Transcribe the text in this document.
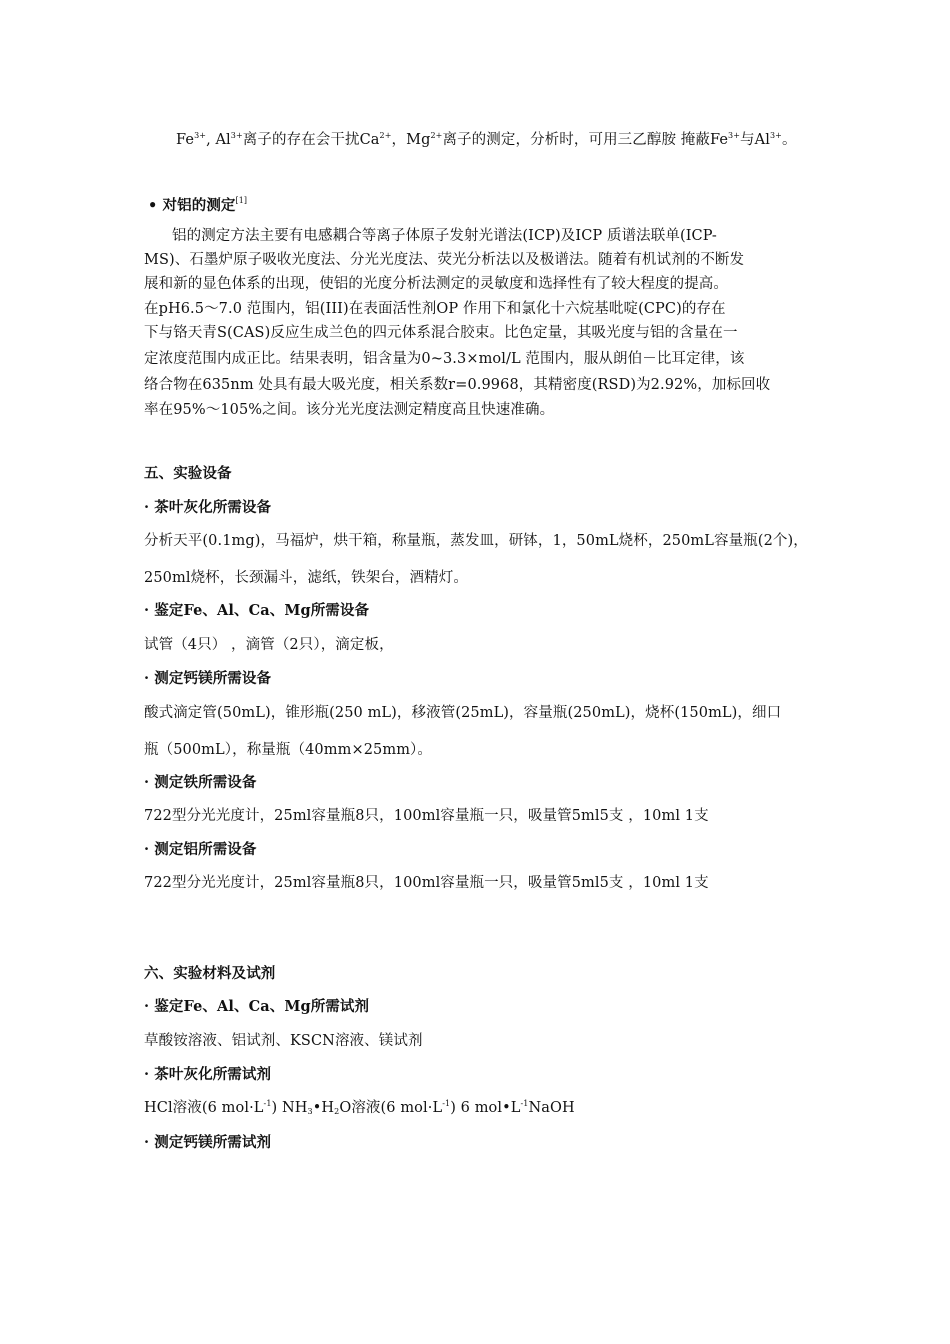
$Fe^{3+}$, $Al^{3+}$离子的存在会干扰$Ca^{2+}$，$Mg^{2+}$离子的测定，分析时，可用三乙醇胺 掩蔽$Fe^{3+}$与$Al^{3+}$。
• 对铝的测定[1]
铝的测定方法主要有电感耦合等离子体原子发射光谱法(ICP)及ICP 质谱法联单(ICP-
MS)、石墨炉原子吸收光度法、分光光度法、荧光分析法以及极谱法。随着有机试剂的不断发
展和新的显色体系的出现，使铝的光度分析法测定的灵敏度和选择性有了较大程度的提高。
在pH6.5～7.0 范围内，铝(III)在表面活性剂OP 作用下和氯化十六烷基吡啶(CPC)的存在
下与铬天青S(CAS)反应生成兰色的四元体系混合胶束。比色定量，其吸光度与铝的含量在一
定浓度范围内成正比。结果表明，铝含量为0~3.3×mol/L 范围内，服从朗伯－比耳定律，该
络合物在635nm 处具有最大吸光度，相关系数r=0.9968，其精密度(RSD)为2.92%，加标回收
率在95%～105%之间。该分光光度法测定精度高且快速准确。
五、实验设备
· 茶叶灰化所需设备
分析天平(0.1mg)，马福炉，烘干箱，称量瓶，蒸发皿，研钵，1，50mL烧杯，250mL容量瓶(2个)，
250ml烧杯，长颈漏斗，滤纸，铁架台，酒精灯。
· 鉴定Fe、Al、Ca、Mg所需设备
试管（4只） ，滴管（2只），滴定板，
· 测定钙镁所需设备
酸式滴定管(50mL)，锥形瓶(250 mL)，移液管(25mL)，容量瓶(250mL)，烧杯(150mL)，细口
瓶（500mL），称量瓶（40mm×25mm）。
· 测定铁所需设备
722型分光光度计，25ml容量瓶8只，100ml容量瓶一只，吸量管5ml5支 ，10ml 1支
· 测定铝所需设备
722型分光光度计，25ml容量瓶8只，100ml容量瓶一只，吸量管5ml5支 ，10ml 1支
六、实验材料及试剂
· 鉴定Fe、Al、Ca、Mg所需试剂
草酸铵溶液、铝试剂、KSCN溶液、镁试剂
· 茶叶灰化所需试剂
HCl溶液(6 $mol\cdot L^{-1}$) $NH_3•H_2O$溶液(6 $mol\cdot L^{-1}$) 6 $mol•L^{-1}NaOH$
· 测定钙镁所需试剂
